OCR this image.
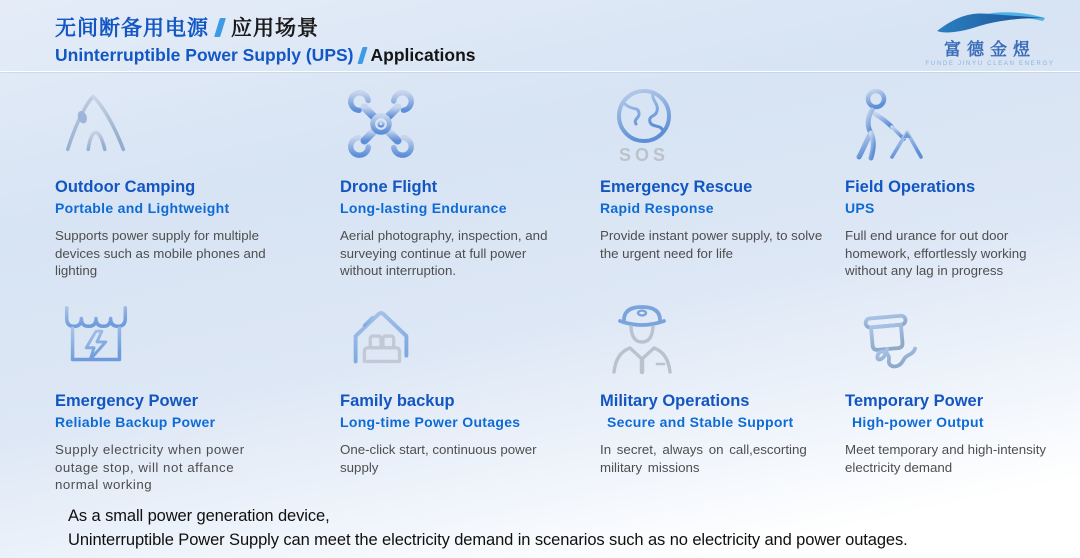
无间断备用电源 应用场景
Uninterruptible Power Supply (UPS) Applications	富德金煜
FUNDE JINYU CLEAN ENERGY
Outdoor Camping
Portable and Lightweight
Supports power supply for multiple devices such as mobile phones and lighting
Drone Flight
Long-lasting Endurance
Aerial photography, inspection, and surveying continue at full power without interruption.
SOS
Emergency Rescue
Rapid Response
Provide instant power supply, to solve the urgent need for life
Field Operations
UPS
Full end urance for out door homework, effortlessly working without any lag in progress
Emergency Power
Reliable Backup Power
Supply electricity when power outage stop, will not affance normal working
Family backup
Long-time Power Outages
One-click start, continuous power supply
Military Operations
Secure and Stable Support
In secret, always on call,escorting military missions
Temporary Power
High-power Output
Meet temporary and high-intensity electricity demand
As a small power generation device,
Uninterruptible Power Supply can meet the electricity demand in scenarios such as no electricity and power outages.
